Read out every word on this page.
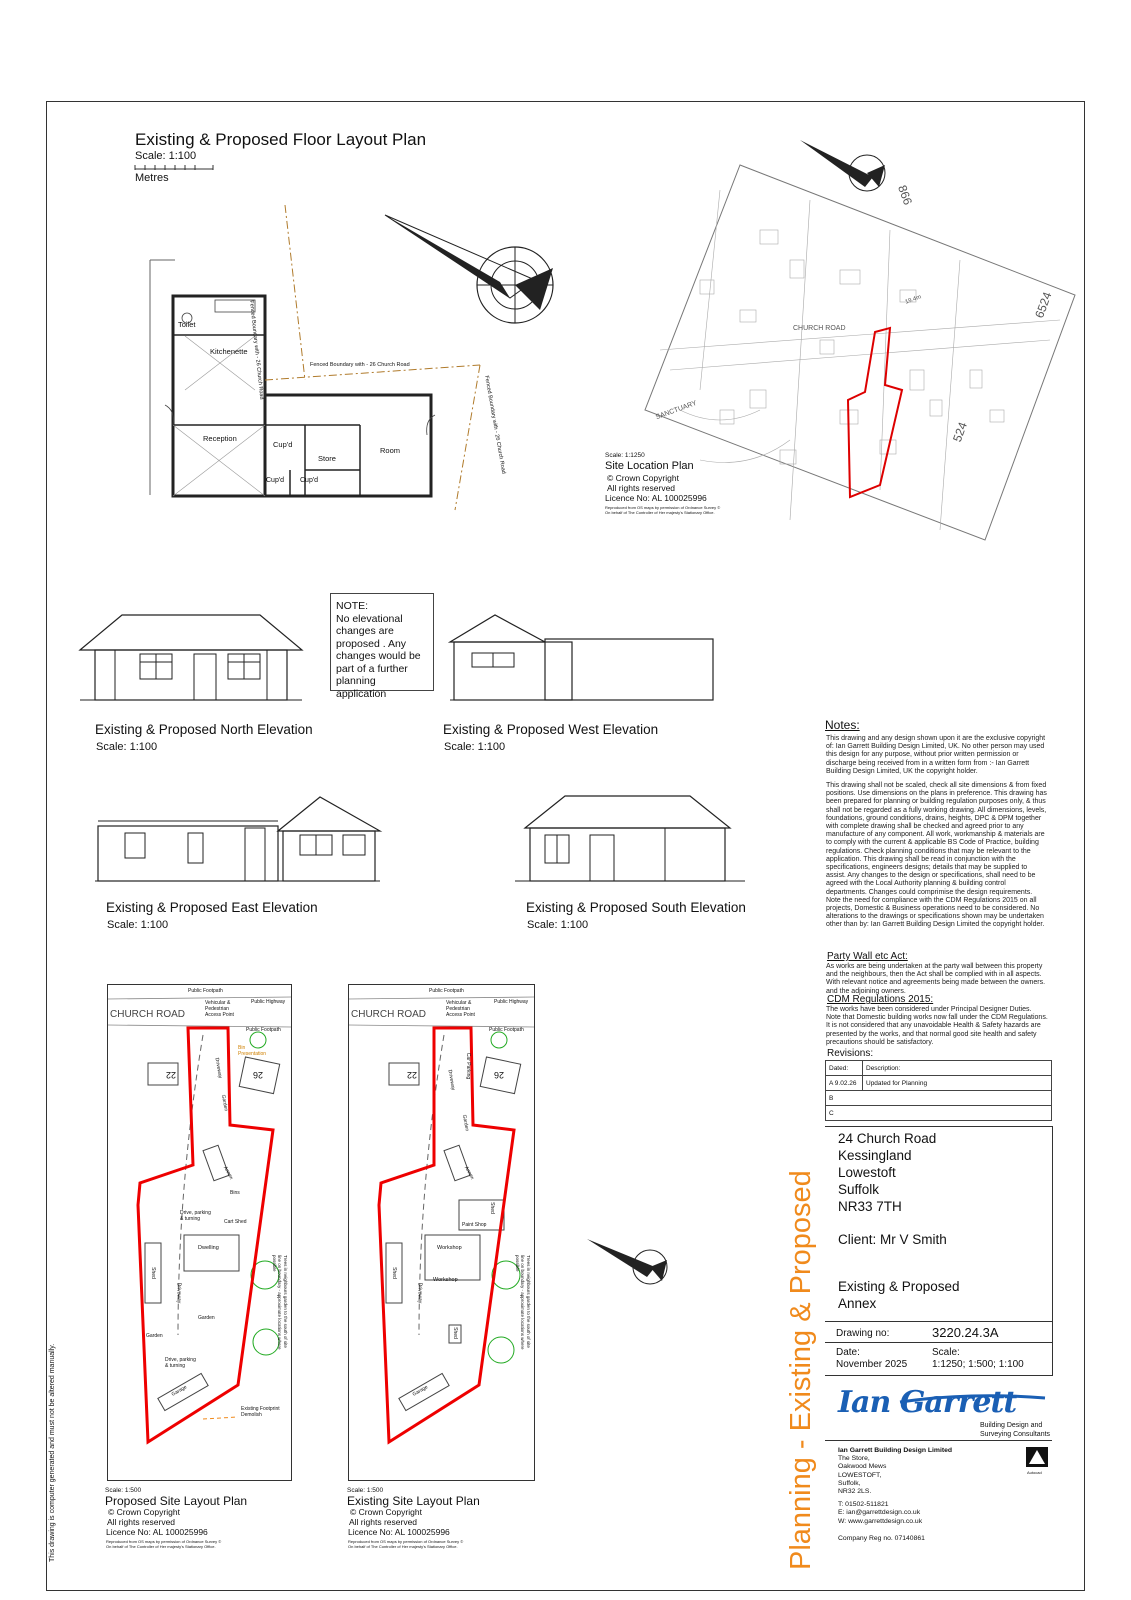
Existing & Proposed Floor Layout Plan
Scale: 1:100
Metres
Toilet
Kitchenette
Reception
Cup'd
Store
Room
Cup'd Cup'd
Fenced Boundary with - 26 Church Road	Fenced Boundary with - 26 Church Road
Fenced Boundary with - 26 Church Road
CHURCH ROAD
SANCTUARY
866
6524
524
19.4m
Scale: 1:1250
Site Location Plan
© Crown Copyright
All rights reserved
Licence No: AL 100025996
Reproduced from OS maps by permission of Ordnance Survey ©
On behalf of The Controller of Her majesty's Stationary Office.
NOTE:
No elevational
changes are
proposed . Any
changes would be
part of a further
planning application
Existing & Proposed North Elevation
Scale: 1:100
Existing & Proposed West Elevation
Scale: 1:100
Existing & Proposed East Elevation
Scale: 1:100
Existing & Proposed South Elevation
Scale: 1:100
Notes:

This drawing and any design shown upon it are the exclusive copyright of: Ian Garrett Building Design Limited, UK. No other person may used this design for any purpose, without prior written permission or discharge being received from in a written form from :- Ian Garrett Building Design Limited, UK the copyright holder.

This drawing shall not be scaled, check all site dimensions & from fixed positions. Use dimensions on the plans in preference. This drawing has been prepared for planning or building regulation purposes only, & thus shall not be regarded as a fully working drawing. All dimensions, levels, foundations, ground conditions, drains, heights, DPC & DPM together with complete drawing shall be checked and agreed prior to any manufacture of any component. All work, workmanship & materials are to comply with the current & applicable BS Code of Practice, building regulations. Check planning conditions that may be relevant to the application. This drawing shall be read in conjunction with the specifications, engineers designs; details that may be supplied to assist. Any changes to the design or specifications, shall need to be agreed with the Local Authority planning & building control departments. Changes could comprimise the design requirements. Note the need for compliance with the CDM Regulations 2015 on all projects, Domestic & Business operations need to be considered. No alterations to the drawings or specifications shown may be undertaken other than by: Ian Garrett Building Design Limited the copyright holder.

Party Wall etc Act:
As works are being undertaken at the party wall between this property and the neighbours, then the Act shall be complied with in all aspects. With relevant notice and agreements being made between the owners. and the adjoining owners.
CDM Regulations 2015:
The works have been considered under Principal Designer Duties. Note that Domestic building works now fall under the CDM Regulations. It is not considered that any unavoidable Health & Safety hazards are presented by the works, and that normal good site health and safety precautions should be satisfactory.
Revisions:
Dated:	Description:
A 9.02.26	Updated for Planning
B	
C	
24 Church Road
Kessingland
Lowestoft
Suffolk
NR33 7TH
Client: Mr V Smith
Existing & Proposed
Annex
Drawing no:	3220.24.3A
Date:
November 2025
Scale:
1:1250; 1:500; 1:100
Ian Garrett
Building Design and
Surveying Consultants
Ian Garrett Building Design Limited
The Store,
Oakwood Mews
LOWESTOFT,
Suffolk,
NR32 2LS.
T: 01502-511821
E: ian@garrettdesign.co.uk
W: www.garrettdesign.co.uk
Company Reg no. 07140861
Autocad
Planning - Existing & Proposed
This drawing is computer generated and must not be altered manually.
CHURCH ROAD
Public Footpath
Vehicular &
Pedestrian
Access Point
Public Highway
Public Footpath
Bin
Presentation
Driveway
Garden
22	26
Annex
Bins
Drive, parking
& turning	Cart Shed
Dwelling
Shed
Driveway
Garden
Garden
Drive, parking
& turning
Garage
Existing Footprint
Demolish
Trees in neighbours garden to the south of site line on boundary - approximate locations where possible
Scale: 1:500
Proposed Site Layout Plan
© Crown Copyright
All rights reserved
Licence No: AL 100025996
Reproduced from OS maps by permission of Ordnance Survey ©
On behalf of The Controller of Her majesty's Stationary Office.
CHURCH ROAD
Public Footpath
Vehicular &
Pedestrian
Access Point
Public Highway
Public Footpath
Car Parking
Driveway
Garden
22	26
Annex
Shed
Paint Shop
Workshop
Workshop
Shed
Driveway
Shed
Garage
Trees in neighbours garden to the south of site line on boundary - approximate locations where possible
Scale: 1:500
Existing Site Layout Plan
© Crown Copyright
All rights reserved
Licence No: AL 100025996
Reproduced from OS maps by permission of Ordnance Survey ©
On behalf of The Controller of Her majesty's Stationary Office.
